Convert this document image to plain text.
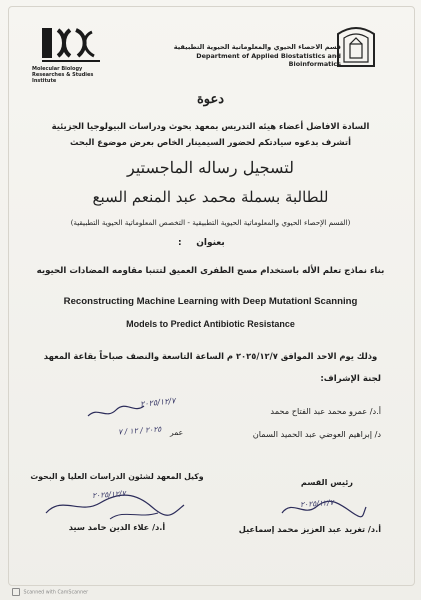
Molecular Biology Researches & Studies Institute
قسم الاحصاء الحيوي والمعلوماتية الحيوية التطبيقية
Department of Applied Biostatistics and
Bioinformatics
دعوة
السادة الافاضل أعضاء هيئه التدريس بمعهد بحوث ودراسات البيولوجيا الجزيئية
أتشرف بدعوه سيادتكم لحضور السيمينار الخاص بعرض موضوع البحث
لتسجيل رساله الماجستير
للطالبة بسملة محمد عبد المنعم السبع
(القسم الإحصاء الحيوي والمعلوماتية الحيوية التطبيقية - التخصص المعلوماتية الحيوية التطبيقية)
بعنوان
:
بناء نماذج تعلم الأله باستخدام مسح الطفرى العميق لتتنبا مقاومه المضادات الحيويه
Reconstructing Machine Learning with Deep Mutationl Scanning
Models to Predict Antibiotic Resistance
وذلك يوم الاحد الموافق ٢٠٢٥/١٢/٧ م الساعة التاسعة والنصف صباحاً بقاعة المعهد
لجنة الإشراف:
أ.د/ عمرو محمد عبد الفتاح محمد
٢٠٢٥/١٢/٧
د/ إبراهيم العوضي عبد الحميد السمان
عمر
٢٠٢٥ / ١٢ / ٧
وكيل المعهد لشئون الدراسات العليا و البحوث
٢٠٢٥/١٢/٧
أ.د/ علاء الدين حامد سيد
رئيس القسم
٢٠٢٥/١٢/٧
أ.د/ تغريد عبد العزيز محمد إسماعيل
Scanned with CamScanner
